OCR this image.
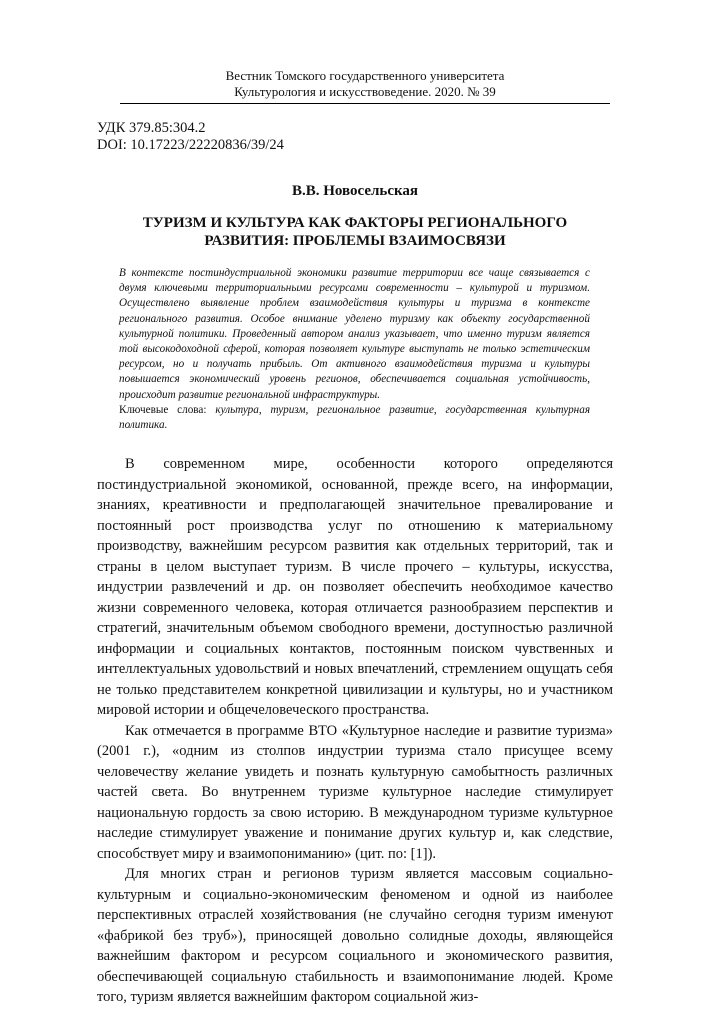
Вестник Томского государственного университета
Культурология и искусствоведение. 2020. № 39
УДК 379.85:304.2
DOI: 10.17223/22220836/39/24
В.В. Новосельская
ТУРИЗМ И КУЛЬТУРА КАК ФАКТОРЫ РЕГИОНАЛЬНОГО
РАЗВИТИЯ: ПРОБЛЕМЫ ВЗАИМОСВЯЗИ
В контексте постиндустриальной экономики развитие территории все чаще связывается с двумя ключевыми территориальными ресурсами современности – культурой и туризмом. Осуществлено выявление проблем взаимодействия культуры и туризма в контексте регионального развития. Особое внимание уделено туризму как объекту государственной культурной политики. Проведенный автором анализ указывает, что именно туризм является той высокодоходной сферой, которая позволяет культуре выступать не только эстетическим ресурсом, но и получать прибыль. От активного взаимодействия туризма и культуры повышается экономический уровень регионов, обеспечивается социальная устойчивость, происходит развитие региональной инфраструктуры.
Ключевые слова: культура, туризм, региональное развитие, государственная культурная политика.

В современном мире, особенности которого определяются постиндустриальной экономикой, основанной, прежде всего, на информации, знаниях, креативности и предполагающей значительное превалирование и постоянный рост производства услуг по отношению к материальному производству, важнейшим ресурсом развития как отдельных территорий, так и страны в целом выступает туризм. В числе прочего – культуры, искусства, индустрии развлечений и др. он позволяет обеспечить необходимое качество жизни современного человека, которая отличается разнообразием перспектив и стратегий, значительным объемом свободного времени, доступностью различной информации и социальных контактов, постоянным поиском чувственных и интеллектуальных удовольствий и новых впечатлений, стремлением ощущать себя не только представителем конкретной цивилизации и культуры, но и участником мировой истории и общечеловеческого пространства.

Как отмечается в программе ВТО «Культурное наследие и развитие туризма» (2001 г.), «одним из столпов индустрии туризма стало присущее всему человечеству желание увидеть и познать культурную самобытность различных частей света. Во внутреннем туризме культурное наследие стимулирует национальную гордость за свою историю. В международном туризме культурное наследие стимулирует уважение и понимание других культур и, как следствие, способствует миру и взаимопониманию» (цит. по: [1]).

Для многих стран и регионов туризм является массовым социально-культурным и социально-экономическим феноменом и одной из наиболее перспективных отраслей хозяйствования (не случайно сегодня туризм именуют «фабрикой без труб»), приносящей довольно солидные доходы, являющейся важнейшим фактором и ресурсом социального и экономического развития, обеспечивающей социальную стабильность и взаимопонимание людей. Кроме того, туризм является важнейшим фактором социальной жиз-
